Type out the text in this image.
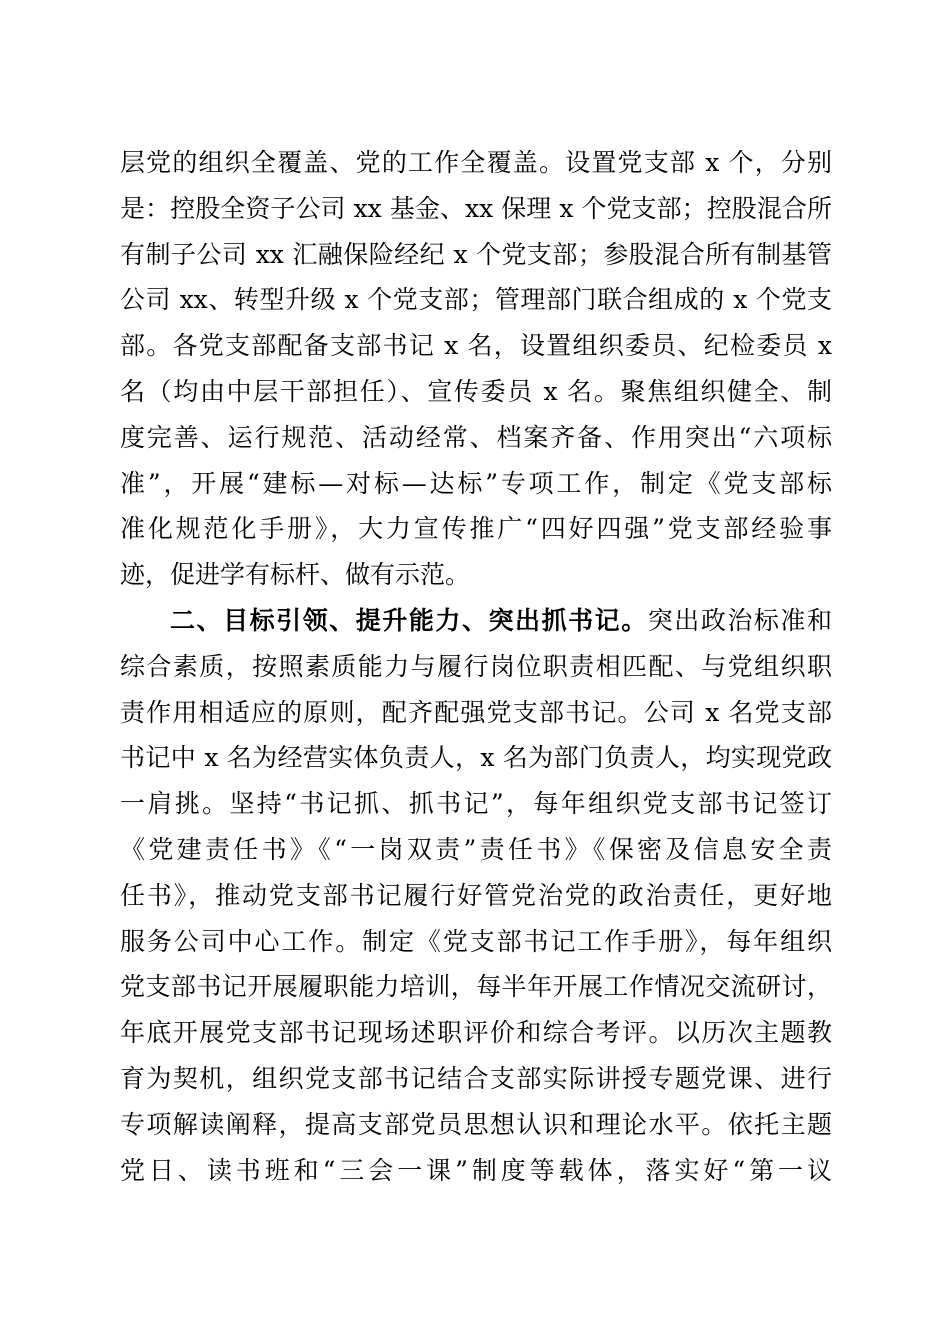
层党的组织全覆盖、党的工作全覆盖。设置党支部 x 个，分别
是：控股全资子公司 xx 基金、xx 保理 x 个党支部；控股混合所
有制子公司 xx 汇融保险经纪 x 个党支部；参股混合所有制基管
公司 xx、转型升级 x 个党支部；管理部门联合组成的 x 个党支
部。各党支部配备支部书记 x 名，设置组织委员、纪检委员 x
名（均由中层干部担任）、宣传委员 x 名。聚焦组织健全、制
度完善、运行规范、活动经常、档案齐备、作用突出“六项标
准”，开展“建标—对标—达标”专项工作，制定《党支部标
准化规范化手册》，大力宣传推广“四好四强”党支部经验事
迹，促进学有标杆、做有示范。
二、目标引领、提升能力、突出抓书记。突出政治标准和
综合素质，按照素质能力与履行岗位职责相匹配、与党组织职
责作用相适应的原则，配齐配强党支部书记。公司 x 名党支部
书记中 x 名为经营实体负责人，x 名为部门负责人，均实现党政
一肩挑。坚持“书记抓、抓书记”，每年组织党支部书记签订
《党建责任书》《“一岗双责”责任书》《保密及信息安全责
任书》，推动党支部书记履行好管党治党的政治责任，更好地
服务公司中心工作。制定《党支部书记工作手册》，每年组织
党支部书记开展履职能力培训，每半年开展工作情况交流研讨，
年底开展党支部书记现场述职评价和综合考评。以历次主题教
育为契机，组织党支部书记结合支部实际讲授专题党课、进行
专项解读阐释，提高支部党员思想认识和理论水平。依托主题
党日、读书班和“三会一课”制度等载体，落实好“第一议
